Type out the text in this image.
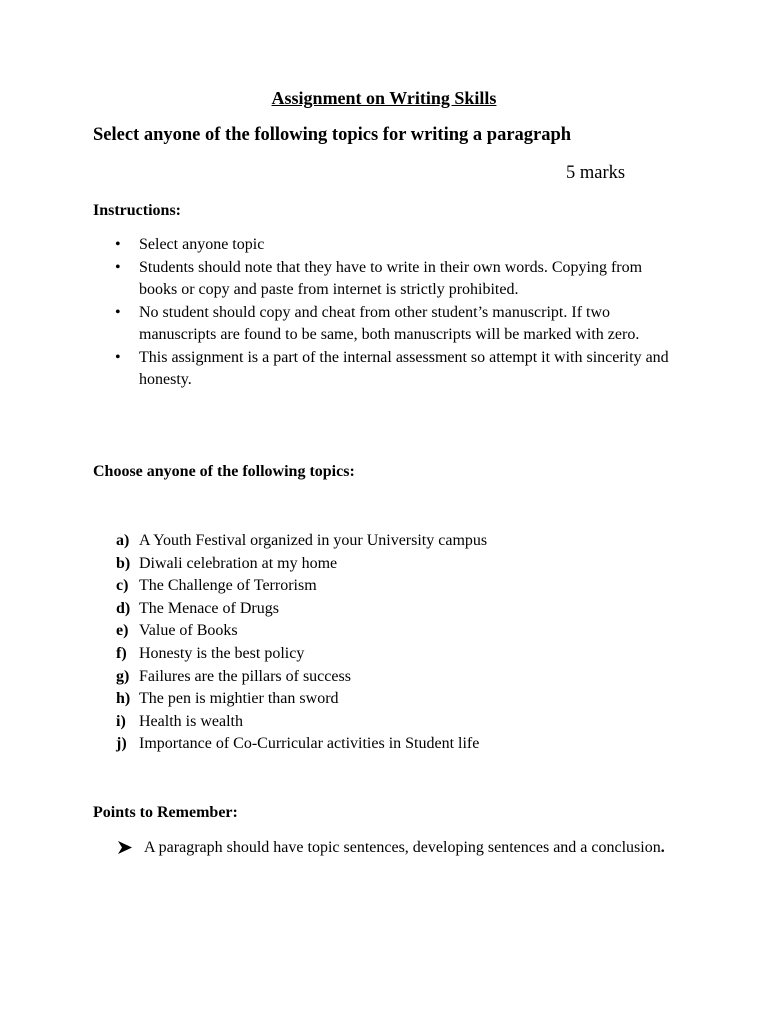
Assignment on Writing Skills
Select anyone of the following topics for writing a paragraph
5 marks
Instructions:
• Select anyone topic
• Students should note that they have to write in their own words. Copying from books or copy and paste from internet is strictly prohibited.
• No student should copy and cheat from other student’s manuscript. If two manuscripts are found to be same, both manuscripts will be marked with zero.
• This assignment is a part of the internal assessment so attempt it with sincerity and honesty.
Choose anyone of the following topics:
a) A Youth Festival organized in your University campus
b) Diwali celebration at my home
c) The Challenge of Terrorism
d) The Menace of Drugs
e) Value of Books
f) Honesty is the best policy
g) Failures are the pillars of success
h) The pen is mightier than sword
i) Health is wealth
j) Importance of Co-Curricular activities in Student life
Points to Remember:
A paragraph should have topic sentences, developing sentences and a conclusion.
